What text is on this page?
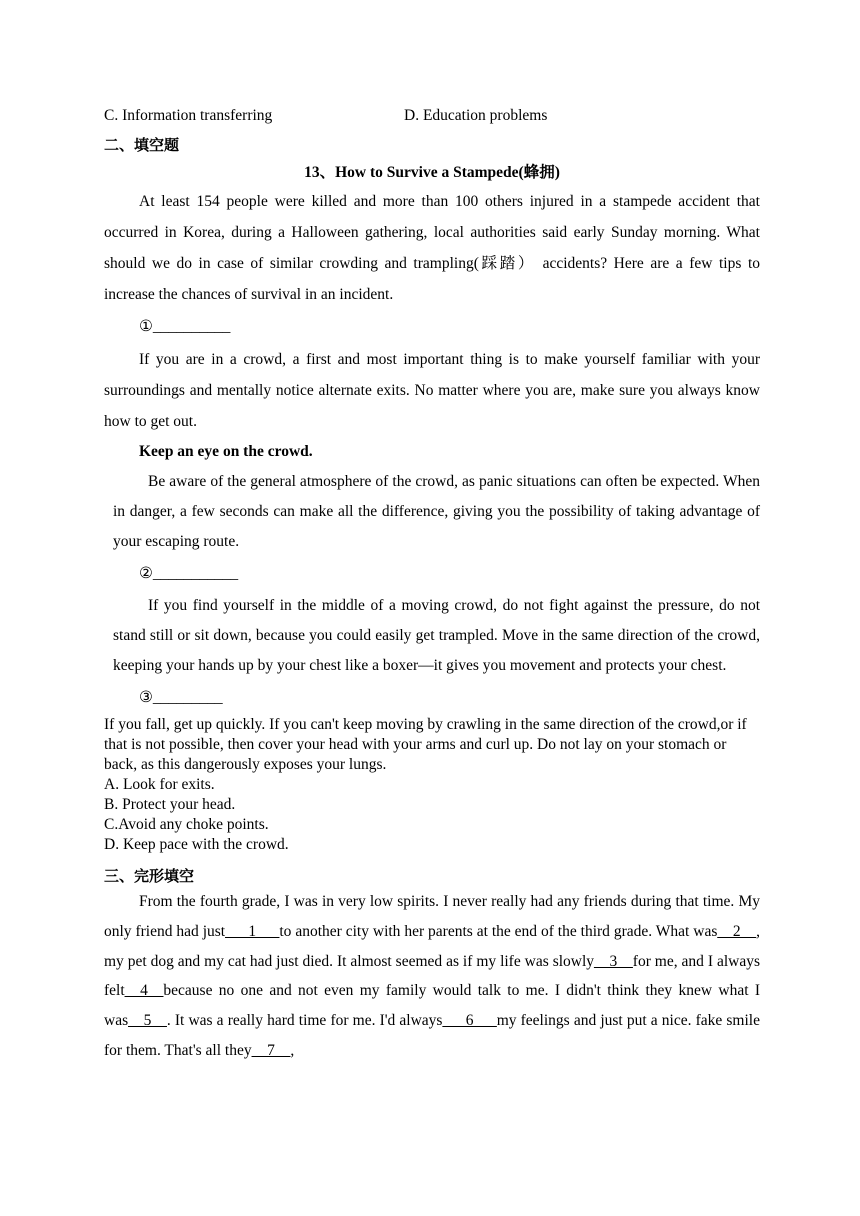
C. Information transferring	D. Education problems
二、填空题
13、How to Survive a Stampede(蜂拥)

At least 154 people were killed and more than 100 others injured in a stampede accident that occurred in Korea, during a Halloween gathering, local authorities said early Sunday morning. What should we do in case of similar crowding and trampling(踩踏） accidents? Here are a few tips to increase the chances of survival in an incident.

①__________

If you are in a crowd, a first and most important thing is to make yourself familiar with your surroundings and mentally notice alternate exits. No matter where you are, make sure you always know how to get out.

Keep an eye on the crowd.

Be aware of the general atmosphere of the crowd, as panic situations can often be expected. When in danger, a few seconds can make all the difference, giving you the possibility of taking advantage of your escaping route.

②___________

If you find yourself in the middle of a moving crowd, do not fight against the pressure, do not stand still or sit down, because you could easily get trampled. Move in the same direction of the crowd, keeping your hands up by your chest like a boxer—it gives you movement and protects your chest.

③_________

If you fall, get up quickly. If you can't keep moving by crawling in the same direction of the crowd,or if that is not possible, then cover your head with your arms and curl up. Do not lay on your stomach or back, as this dangerously exposes your lungs.

A. Look for exits.
B. Protect your head.
C.Avoid any choke points.
D. Keep pace with the crowd.
三、完形填空

From the fourth grade, I was in very low spirits. I never really had any friends during that time. My only friend had just___1___to another city with her parents at the end of the third grade. What was__2__, my pet dog and my cat had just died. It almost seemed as if my life was slowly__3__for me, and I always felt__4__because no one and not even my family would talk to me. I didn't think they knew what I was__5__. It was a really hard time for me. I'd always___6___my feelings and just put a nice. fake smile for them. That's all they__7__,
